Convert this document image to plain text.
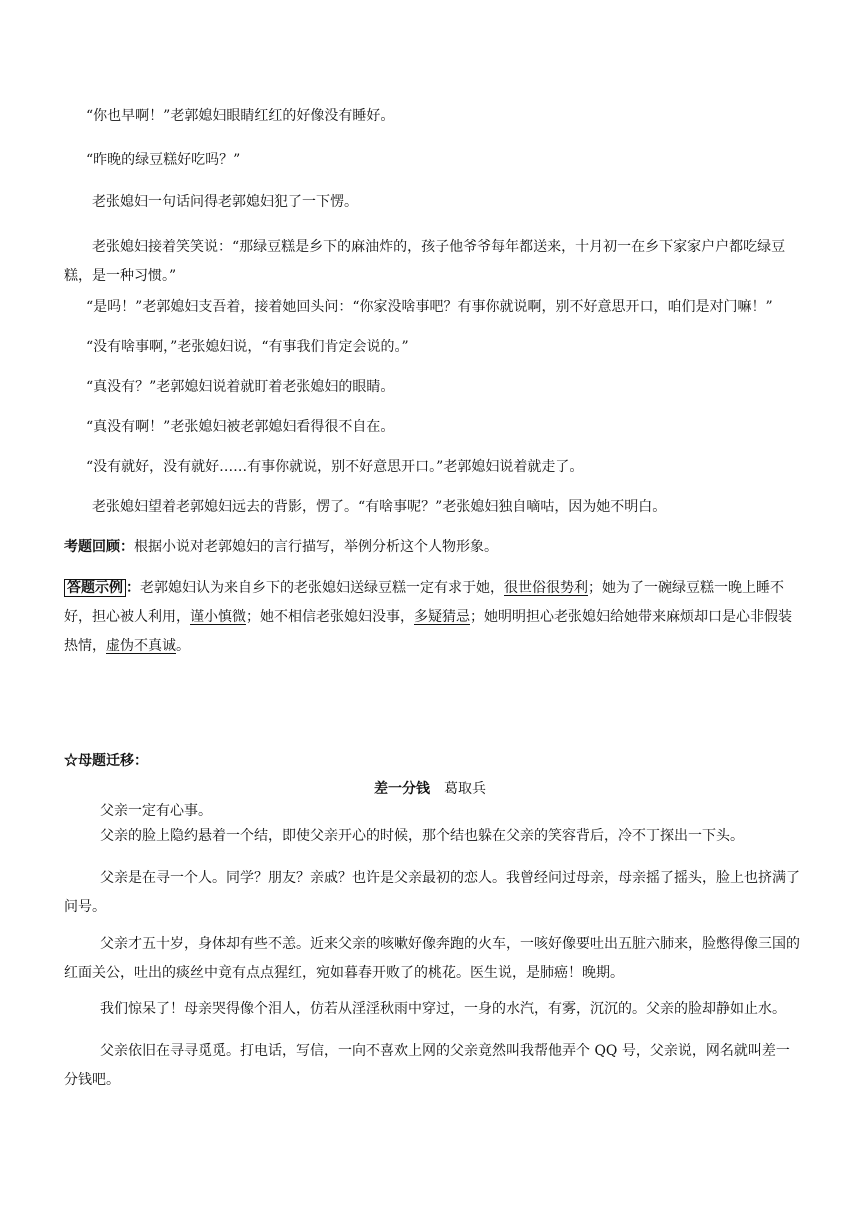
“你也早啊！”老郭媳妇眼睛红红的好像没有睡好。
“昨晚的绿豆糕好吃吗？”
老张媳妇一句话问得老郭媳妇犯了一下愣。
老张媳妇接着笑笑说：“那绿豆糕是乡下的麻油炸的，孩子他爷爷每年都送来，十月初一在乡下家家户户都吃绿豆糕，是一种习惯。”
“是吗！”老郭媳妇支吾着，接着她回头问：“你家没啥事吧？有事你就说啊，别不好意思开口，咱们是对门嘛！”
“没有啥事啊，”老张媳妇说，“有事我们肯定会说的。”
“真没有？”老郭媳妇说着就盯着老张媳妇的眼睛。
“真没有啊！”老张媳妇被老郭媳妇看得很不自在。
“没有就好，没有就好……有事你就说，别不好意思开口。”老郭媳妇说着就走了。
老张媳妇望着老郭媳妇远去的背影，愣了。“有啥事呢？”老张媳妇独自嘀咕，因为她不明白。
考题回顾：根据小说对老郭媳妇的言行描写，举例分析这个人物形象。
答题示例 ：老郭媳妇认为来自乡下的老张媳妇送绿豆糕一定有求于她，很世俗很势利；她为了一碗绿豆糕一晚上睡不好，担心被人利用，谨小慎微；她不相信老张媳妇没事，多疑猜忌；她明明担心老张媳妇给她带来麻烦却口是心非假装热情，虚伪不真诚。
☆母题迁移：
差一分钱 葛取兵
父亲一定有心事。
父亲的脸上隐约悬着一个结，即使父亲开心的时候，那个结也躲在父亲的笑容背后，冷不丁探出一下头。
父亲是在寻一个人。同学？朋友？亲戚？也许是父亲最初的恋人。我曾经问过母亲，母亲摇了摇头，脸上也挤满了问号。
父亲才五十岁，身体却有些不恙。近来父亲的咳嗽好像奔跑的火车，一咳好像要吐出五脏六肺来，脸憋得像三国的红面关公，吐出的痰丝中竟有点点猩红，宛如暮春开败了的桃花。医生说，是肺癌！晚期。
我们惊呆了！母亲哭得像个泪人，仿若从淫淫秋雨中穿过，一身的水汽，有雾，沉沉的。父亲的脸却静如止水。
父亲依旧在寻寻觅觅。打电话，写信，一向不喜欢上网的父亲竟然叫我帮他弄个 QQ 号，父亲说，网名就叫差一分钱吧。
